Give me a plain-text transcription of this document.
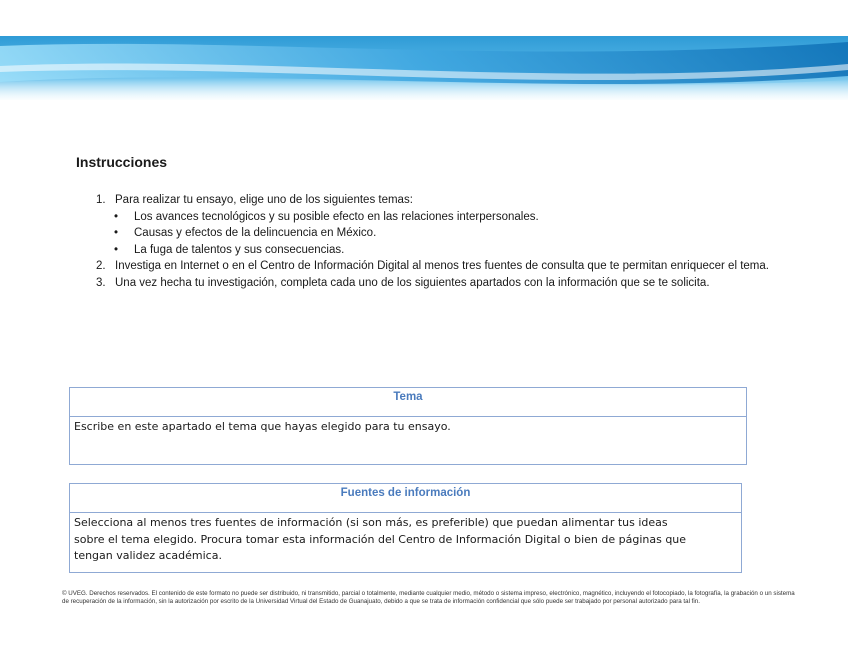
Instrucciones
1. Para realizar tu ensayo, elige uno de los siguientes temas:
• Los avances tecnológicos y su posible efecto en las relaciones interpersonales.
• Causas y efectos de la delincuencia en México.
• La fuga de talentos y sus consecuencias.
2. Investiga en Internet o en el Centro de Información Digital al menos tres fuentes de consulta que te permitan enriquecer el tema.
3. Una vez hecha tu investigación, completa cada uno de los siguientes apartados con la información que se te solicita.
Tema
Escribe en este apartado el tema que hayas elegido para tu ensayo.
Fuentes de información
Selecciona al menos tres fuentes de información (si son más, es preferible) que puedan alimentar tus ideas sobre el tema elegido. Procura tomar esta información del Centro de Información Digital o bien de páginas que tengan validez académica.
© UVEG. Derechos reservados. El contenido de este formato no puede ser distribuido, ni transmitido, parcial o totalmente, mediante cualquier medio, método o sistema impreso, electrónico, magnético, incluyendo el fotocopiado, la fotografía, la grabación o un sistema de recuperación de la información, sin la autorización por escrito de la Universidad Virtual del Estado de Guanajuato, debido a que se trata de información confidencial que sólo puede ser trabajado por personal autorizado para tal fin.
